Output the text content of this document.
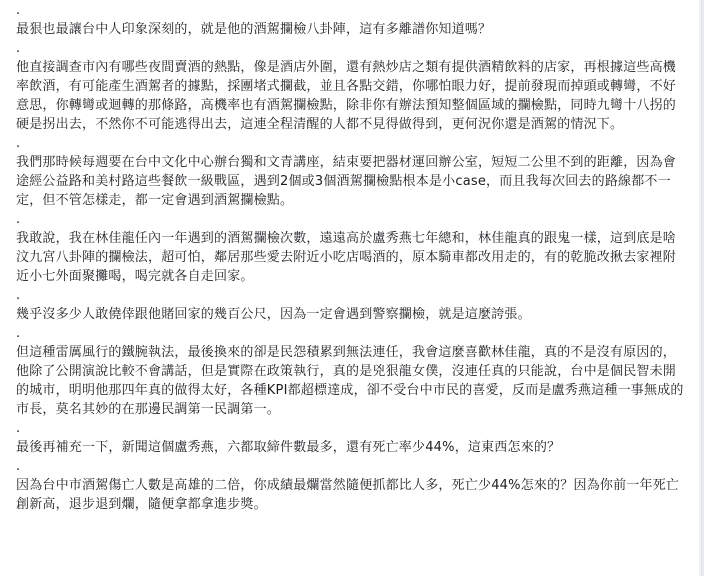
.

最狠也最讓台中人印象深刻的，就是他的酒駕攔檢八卦陣，這有多離譜你知道嗎？

.

他直接調查市內有哪些夜間賣酒的熱點，像是酒店外圍，還有熱炒店之類有提供酒精飲料的店家，再根據這些高機率飲酒，有可能產生酒駕者的據點，採團堵式攔截，並且各點交錯，你哪怕眼力好，提前發現而掉頭或轉彎，不好意思，你轉彎或迴轉的那條路，高機率也有酒駕攔檢點，除非你有辦法預知整個區域的攔檢點，同時九彎十八拐的硬是拐出去，不然你不可能逃得出去，這連全程清醒的人都不見得做得到，更何況你還是酒駕的情況下。

.

我們那時候每週要在台中文化中心辦台獨和文青講座，結束要把器材運回辦公室，短短二公里不到的距離，因為會途經公益路和美村路這些餐飲一級戰區，遇到2個或3個酒駕攔檢點根本是小case，而且我每次回去的路線都不一定，但不管怎樣走，都一定會遇到酒駕攔檢點。

.

我敢說，我在林佳龍任內一年遇到的酒駕攔檢次數，遠遠高於盧秀燕七年總和，林佳龍真的跟鬼一樣，這到底是啥汶九宮八卦陣的攔檢法，超可怕，鄰居那些愛去附近小吃店喝酒的，原本騎車都改用走的，有的乾脆改揪去家裡附近小七外面聚攤喝，喝完就各自走回家。

.

幾乎沒多少人敢僥倖跟他賭回家的幾百公尺，因為一定會遇到警察攔檢，就是這麼誇張。

.

但這種雷厲風行的鐵腕執法，最後換來的卻是民怨積累到無法連任，我會這麼喜歡林佳龍，真的不是沒有原因的，他除了公開演說比較不會講話，但是實際在政策執行，真的是兇狠龍女僕，沒連任真的只能說，台中是個民智未開的城市，明明他那四年真的做得太好，各種KPI都超標達成，卻不受台中市民的喜愛，反而是盧秀燕這種一事無成的市長，莫名其妙的在那邊民調第一民調第一。

.

最後再補充一下，新聞這個盧秀燕，六都取締件數最多，還有死亡率少44%，這東西怎來的？

.

因為台中市酒駕傷亡人數是高雄的二倍，你成績最爛當然隨便抓都比人多，死亡少44%怎來的？因為你前一年死亡創新高，退步退到爛，隨便拿都拿進步獎。
